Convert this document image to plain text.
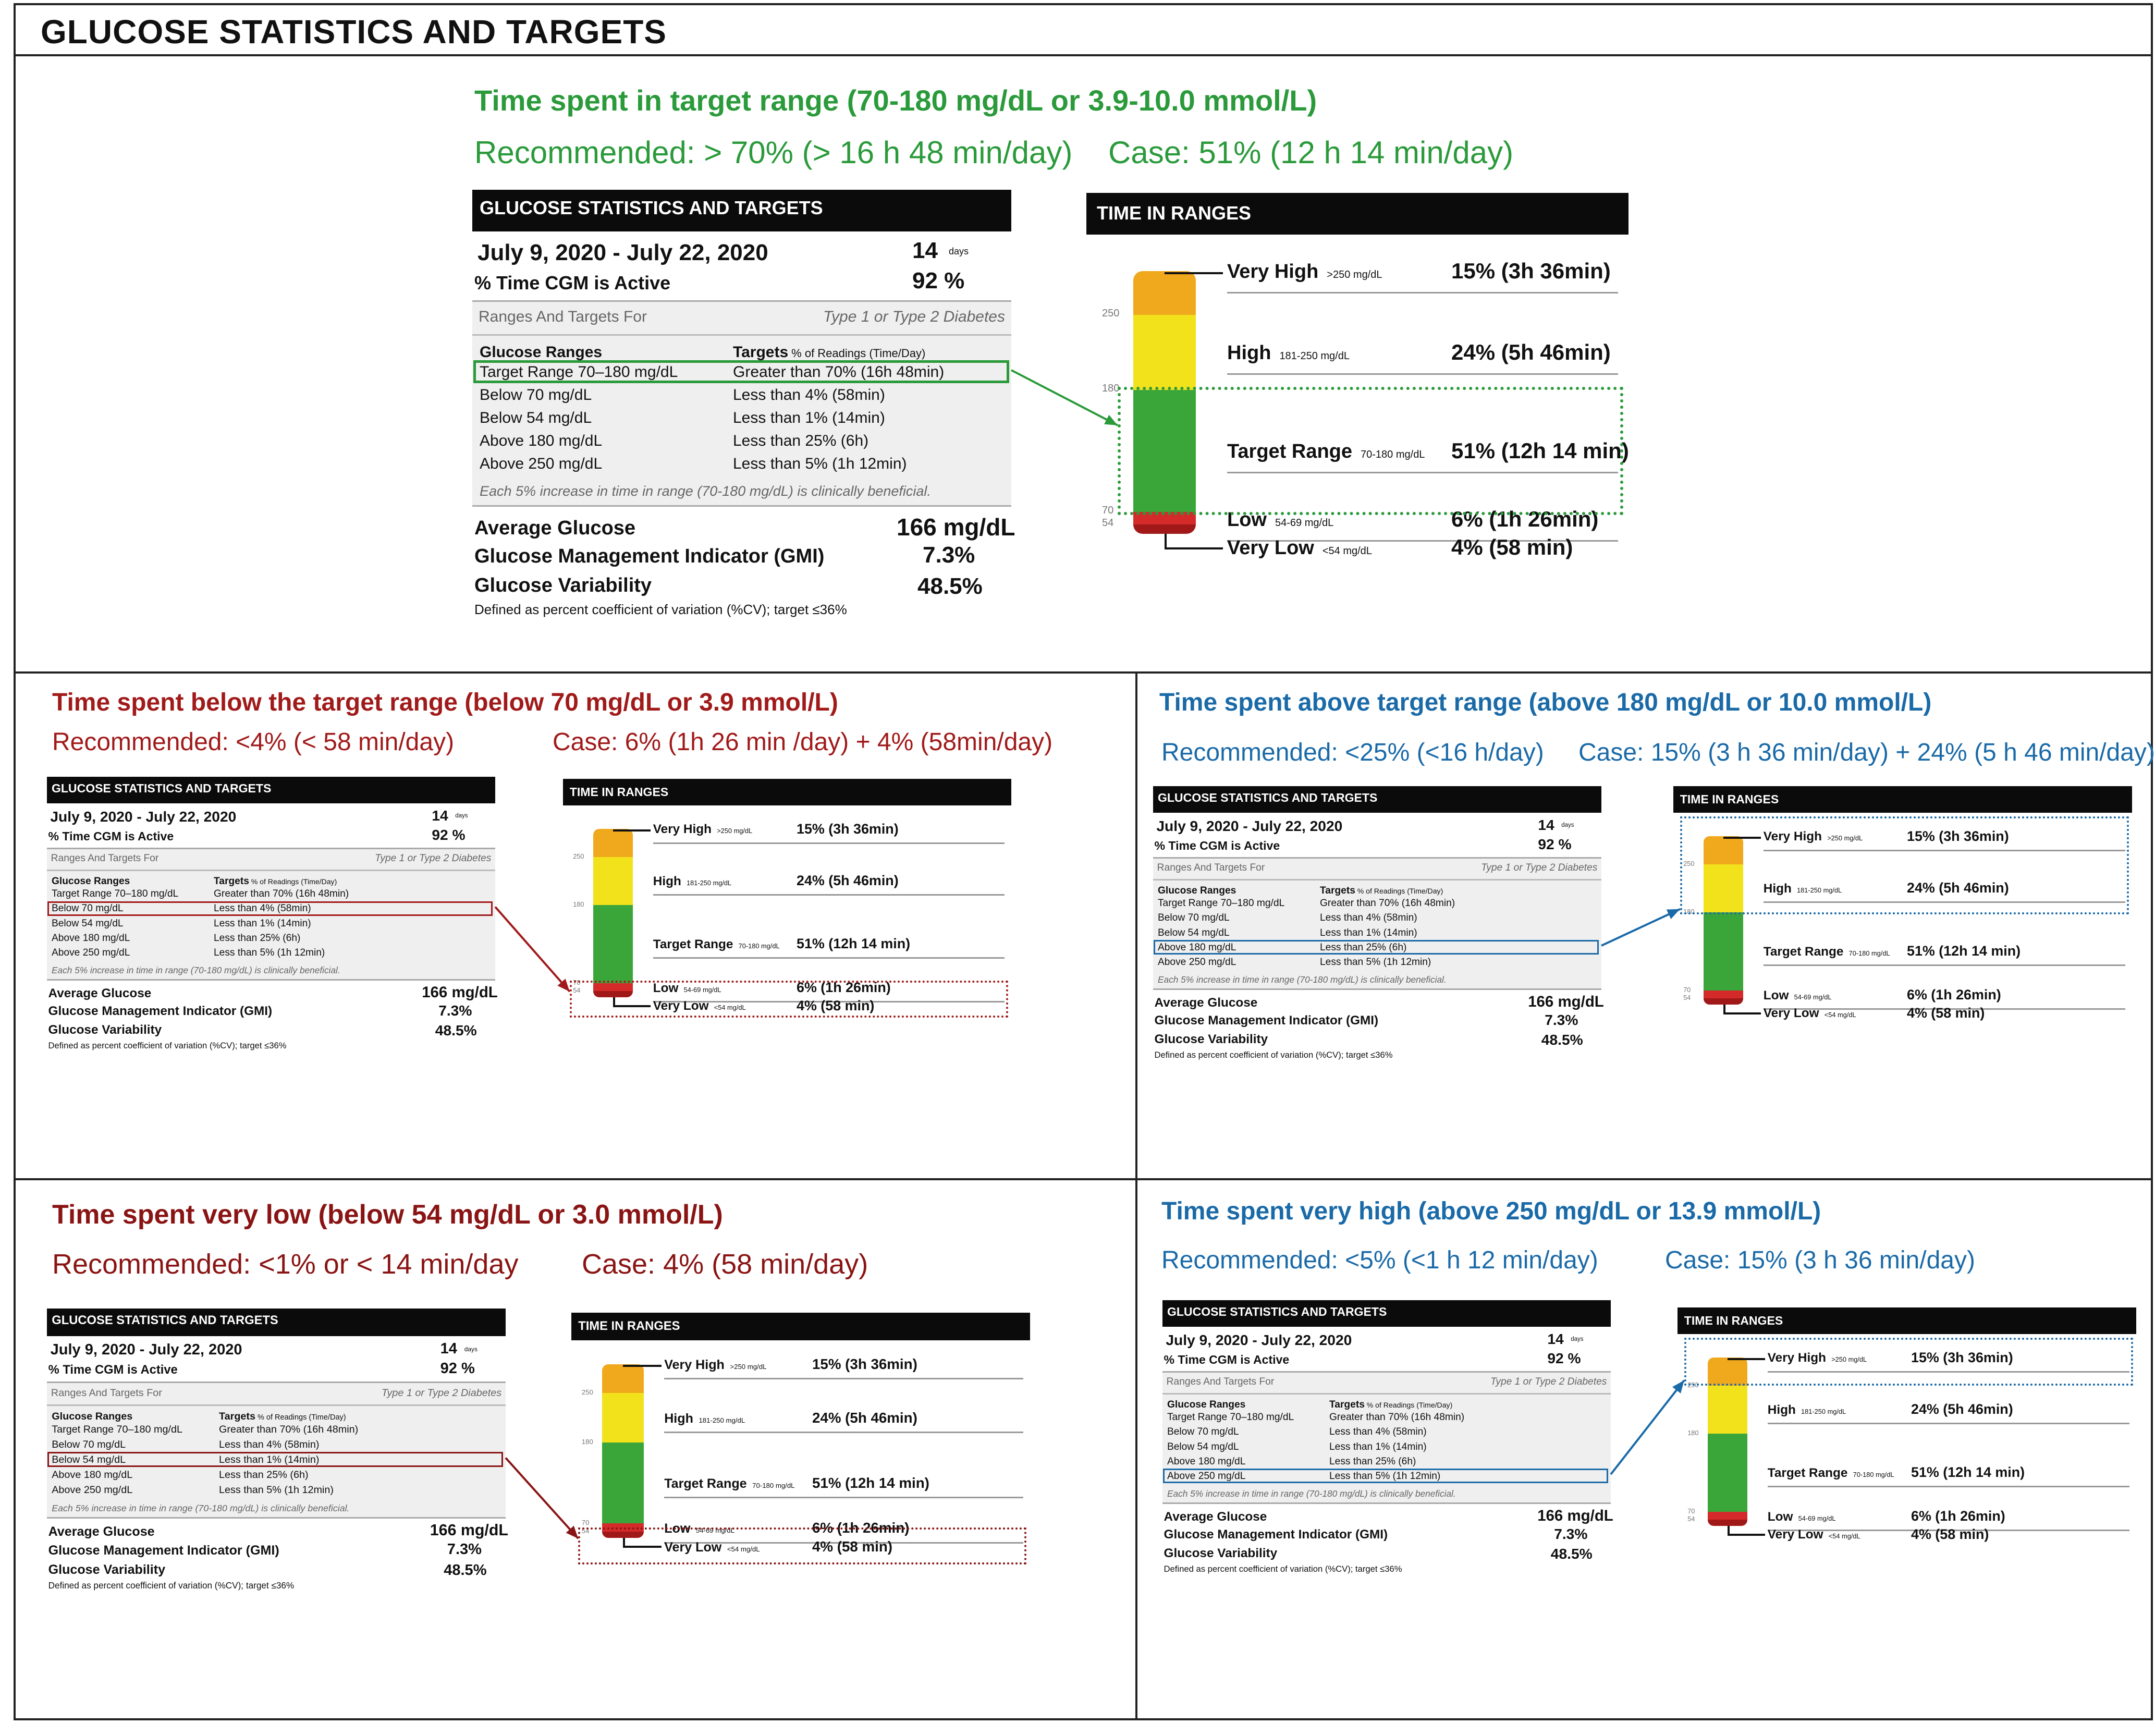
GLUCOSE STATISTICS AND TARGETS
Time spent in target range (70-180 mg/dL or 3.9-10.0 mmol/L)
Recommended: > 70% (> 16 h 48 min/day) Case: 51% (12 h 14 min/day)
GLUCOSE STATISTICS AND TARGETS
July 9, 2020 - July 22, 2020	14 days
% Time CGM is Active	92 %
Ranges And Targets For	Type 1 or Type 2 Diabetes
Glucose Ranges	Targets % of Readings (Time/Day)
Target Range 70–180 mg/dL	Greater than 70% (16h 48min)
Below 70 mg/dL	Less than 4% (58min)
Below 54 mg/dL	Less than 1% (14min)
Above 180 mg/dL	Less than 25% (6h)
Above 250 mg/dL	Less than 5% (1h 12min)
Each 5% increase in time in range (70-180 mg/dL) is clinically beneficial.
Average Glucose	166 mg/dL
Glucose Management Indicator (GMI)	7.3%
Glucose Variability	48.5%
Defined as percent coefficient of variation (%CV); target ≤36%
TIME IN RANGES
250
180
70
54
Very High >250 mg/dL	15% (3h 36min)
High 181-250 mg/dL	24% (5h 46min)
Target Range 70-180 mg/dL 51% (12h 14 min)
Low 54-69 mg/dL	6% (1h 26min)
Very Low <54 mg/dL	4% (58 min)
Time spent below the target range (below 70 mg/dL or 3.9 mmol/L)
Recommended: <4% (< 58 min/day)	Case: 6% (1h 26 min /day) + 4% (58min/day)
GLUCOSE STATISTICS AND TARGETS
July 9, 2020 - July 22, 2020	14 days
% Time CGM is Active	92 %
Ranges And Targets For	Type 1 or Type 2 Diabetes
Glucose Ranges	Targets % of Readings (Time/Day)
Target Range 70–180 mg/dL	Greater than 70% (16h 48min)
Below 70 mg/dL	Less than 4% (58min)
Below 54 mg/dL	Less than 1% (14min)
Above 180 mg/dL	Less than 25% (6h)
Above 250 mg/dL	Less than 5% (1h 12min)
Each 5% increase in time in range (70-180 mg/dL) is clinically beneficial.
Average Glucose	166 mg/dL
Glucose Management Indicator (GMI)	7.3%
Glucose Variability	48.5%
Defined as percent coefficient of variation (%CV); target ≤36%
TIME IN RANGES
250
180
70
54
Very High >250 mg/dL	15% (3h 36min)
High 181-250 mg/dL	24% (5h 46min)
Target Range 70-180 mg/dL 51% (12h 14 min)
Low 54-69 mg/dL	6% (1h 26min)
Very Low <54 mg/dL	4% (58 min)
Time spent above target range (above 180 mg/dL or 10.0 mmol/L)
Recommended: <25% (<16 h/day) Case: 15% (3 h 36 min/day) + 24% (5 h 46 min/day)
GLUCOSE STATISTICS AND TARGETS
July 9, 2020 - July 22, 2020	14 days
% Time CGM is Active	92 %
Ranges And Targets For	Type 1 or Type 2 Diabetes
Glucose Ranges	Targets % of Readings (Time/Day)
Target Range 70–180 mg/dL	Greater than 70% (16h 48min)
Below 70 mg/dL	Less than 4% (58min)
Below 54 mg/dL	Less than 1% (14min)
Above 180 mg/dL	Less than 25% (6h)
Above 250 mg/dL	Less than 5% (1h 12min)
Each 5% increase in time in range (70-180 mg/dL) is clinically beneficial.
Average Glucose	166 mg/dL
Glucose Management Indicator (GMI)	7.3%
Glucose Variability	48.5%
Defined as percent coefficient of variation (%CV); target ≤36%
TIME IN RANGES
250
180
70
54
Very High >250 mg/dL	15% (3h 36min)
High 181-250 mg/dL	24% (5h 46min)
Target Range 70-180 mg/dL 51% (12h 14 min)
Low 54-69 mg/dL	6% (1h 26min)
Very Low <54 mg/dL	4% (58 min)
Time spent very low (below 54 mg/dL or 3.0 mmol/L)
Recommended: <1% or < 14 min/day Case: 4% (58 min/day)
GLUCOSE STATISTICS AND TARGETS
July 9, 2020 - July 22, 2020	14 days
% Time CGM is Active	92 %
Ranges And Targets For	Type 1 or Type 2 Diabetes
Glucose Ranges	Targets % of Readings (Time/Day)
Target Range 70–180 mg/dL	Greater than 70% (16h 48min)
Below 70 mg/dL	Less than 4% (58min)
Below 54 mg/dL	Less than 1% (14min)
Above 180 mg/dL	Less than 25% (6h)
Above 250 mg/dL	Less than 5% (1h 12min)
Each 5% increase in time in range (70-180 mg/dL) is clinically beneficial.
Average Glucose	166 mg/dL
Glucose Management Indicator (GMI)	7.3%
Glucose Variability	48.5%
Defined as percent coefficient of variation (%CV); target ≤36%
TIME IN RANGES
250
180
70
54
Very High >250 mg/dL	15% (3h 36min)
High 181-250 mg/dL	24% (5h 46min)
Target Range 70-180 mg/dL 51% (12h 14 min)
Low 54-69 mg/dL	6% (1h 26min)
Very Low <54 mg/dL	4% (58 min)
Time spent very high (above 250 mg/dL or 13.9 mmol/L)
Recommended: <5% (<1 h 12 min/day)	Case: 15% (3 h 36 min/day)
GLUCOSE STATISTICS AND TARGETS
July 9, 2020 - July 22, 2020	14 days
% Time CGM is Active	92 %
Ranges And Targets For	Type 1 or Type 2 Diabetes
Glucose Ranges	Targets % of Readings (Time/Day)
Target Range 70–180 mg/dL	Greater than 70% (16h 48min)
Below 70 mg/dL	Less than 4% (58min)
Below 54 mg/dL	Less than 1% (14min)
Above 180 mg/dL	Less than 25% (6h)
Above 250 mg/dL	Less than 5% (1h 12min)
Each 5% increase in time in range (70-180 mg/dL) is clinically beneficial.
Average Glucose	166 mg/dL
Glucose Management Indicator (GMI)	7.3%
Glucose Variability	48.5%
Defined as percent coefficient of variation (%CV); target ≤36%
TIME IN RANGES
250
180
70
54
Very High >250 mg/dL	15% (3h 36min)
High 181-250 mg/dL	24% (5h 46min)
Target Range 70-180 mg/dL 51% (12h 14 min)
Low 54-69 mg/dL	6% (1h 26min)
Very Low <54 mg/dL	4% (58 min)
